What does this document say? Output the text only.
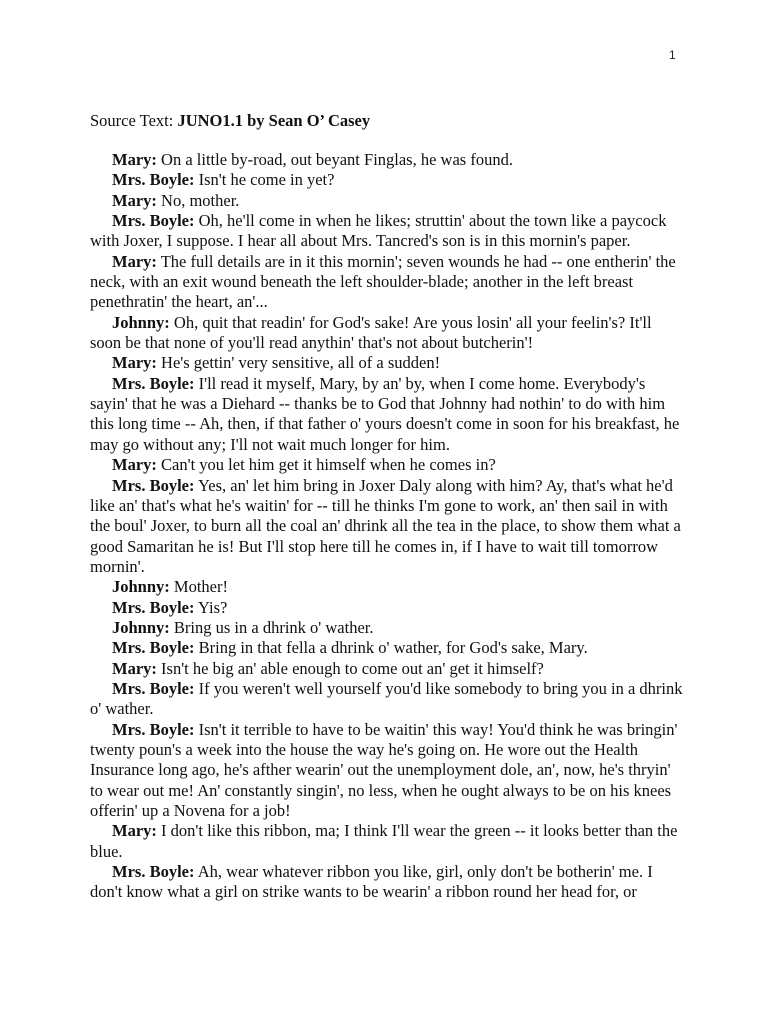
1
Source Text: JUNO1.1 by Sean O’ Casey

Mary: On a little by-road, out beyant Finglas, he was found.

Mrs. Boyle: Isn't he come in yet?

Mary: No, mother.

Mrs. Boyle: Oh, he'll come in when he likes; struttin' about the town like a paycock with Joxer, I suppose. I hear all about Mrs. Tancred's son is in this mornin's paper.

Mary: The full details are in it this mornin'; seven wounds he had -- one entherin' the neck, with an exit wound beneath the left shoulder-blade; another in the left breast penethratin' the heart, an'...

Johnny: Oh, quit that readin' for God's sake! Are yous losin' all your feelin's? It'll soon be that none of you'll read anythin' that's not about butcherin'!

Mary: He's gettin' very sensitive, all of a sudden!

Mrs. Boyle: I'll read it myself, Mary, by an' by, when I come home. Everybody's sayin' that he was a Diehard -- thanks be to God that Johnny had nothin' to do with him this long time -- Ah, then, if that father o' yours doesn't come in soon for his breakfast, he may go without any; I'll not wait much longer for him.

Mary: Can't you let him get it himself when he comes in?

Mrs. Boyle: Yes, an' let him bring in Joxer Daly along with him? Ay, that's what he'd like an' that's what he's waitin' for -- till he thinks I'm gone to work, an' then sail in with the boul' Joxer, to burn all the coal an' dhrink all the tea in the place, to show them what a good Samaritan he is! But I'll stop here till he comes in, if I have to wait till tomorrow mornin'.

Johnny: Mother!

Mrs. Boyle: Yis?

Johnny: Bring us in a dhrink o' wather.

Mrs. Boyle: Bring in that fella a dhrink o' wather, for God's sake, Mary.

Mary: Isn't he big an' able enough to come out an' get it himself?

Mrs. Boyle: If you weren't well yourself you'd like somebody to bring you in a dhrink o' wather.

Mrs. Boyle: Isn't it terrible to have to be waitin' this way! You'd think he was bringin' twenty poun's a week into the house the way he's going on. He wore out the Health Insurance long ago, he's afther wearin' out the unemployment dole, an', now, he's thryin' to wear out me! An' constantly singin', no less, when he ought always to be on his knees offerin' up a Novena for a job!

Mary: I don't like this ribbon, ma; I think I'll wear the green -- it looks better than the blue.

Mrs. Boyle: Ah, wear whatever ribbon you like, girl, only don't be botherin' me. I don't know what a girl on strike wants to be wearin' a ribbon round her head for, or
